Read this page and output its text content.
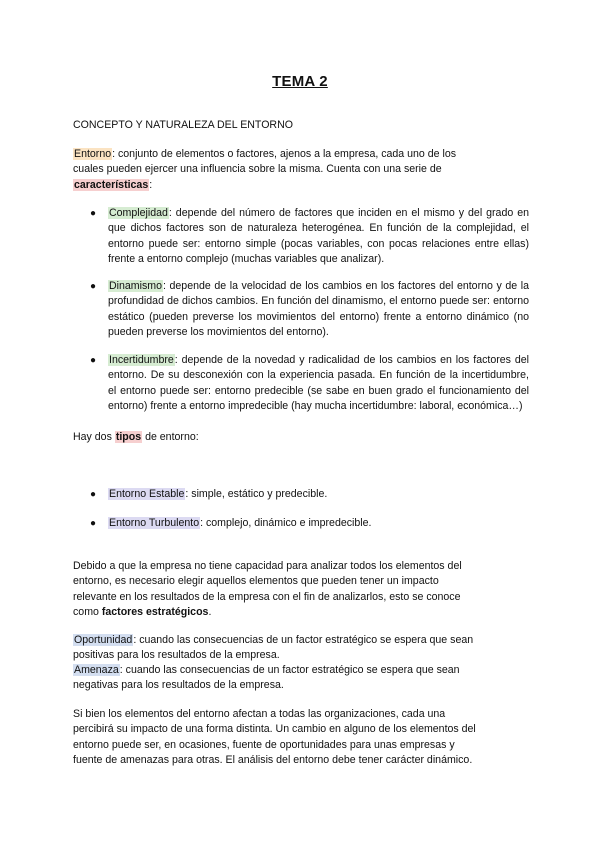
TEMA 2

CONCEPTO Y NATURALEZA DEL ENTORNO

Entorno: conjunto de elementos o factores, ajenos a la empresa, cada uno de los cuales pueden ejercer una influencia sobre la misma. Cuenta con una serie de características:

● Complejidad: depende del número de factores que inciden en el mismo y del grado en que dichos factores son de naturaleza heterogénea. En función de la complejidad, el entorno puede ser: entorno simple (pocas variables, con pocas relaciones entre ellas) frente a entorno complejo (muchas variables que analizar).

● Dinamismo: depende de la velocidad de los cambios en los factores del entorno y de la profundidad de dichos cambios. En función del dinamismo, el entorno puede ser: entorno estático (pueden preverse los movimientos del entorno) frente a entorno dinámico (no pueden preverse los movimientos del entorno).

● Incertidumbre: depende de la novedad y radicalidad de los cambios en los factores del entorno. De su desconexión con la experiencia pasada. En función de la incertidumbre, el entorno puede ser: entorno predecible (se sabe en buen grado el funcionamiento del entorno) frente a entorno impredecible (hay mucha incertidumbre: laboral, económica…)

Hay dos tipos de entorno:

● Entorno Estable: simple, estático y predecible.

● Entorno Turbulento: complejo, dinámico e impredecible.

Debido a que la empresa no tiene capacidad para analizar todos los elementos del entorno, es necesario elegir aquellos elementos que pueden tener un impacto relevante en los resultados de la empresa con el fin de analizarlos, esto se conoce como factores estratégicos.

Oportunidad: cuando las consecuencias de un factor estratégico se espera que sean positivas para los resultados de la empresa.

Amenaza: cuando las consecuencias de un factor estratégico se espera que sean negativas para los resultados de la empresa.

Si bien los elementos del entorno afectan a todas las organizaciones, cada una percibirá su impacto de una forma distinta. Un cambio en alguno de los elementos del entorno puede ser, en ocasiones, fuente de oportunidades para unas empresas y fuente de amenazas para otras. El análisis del entorno debe tener carácter dinámico.
